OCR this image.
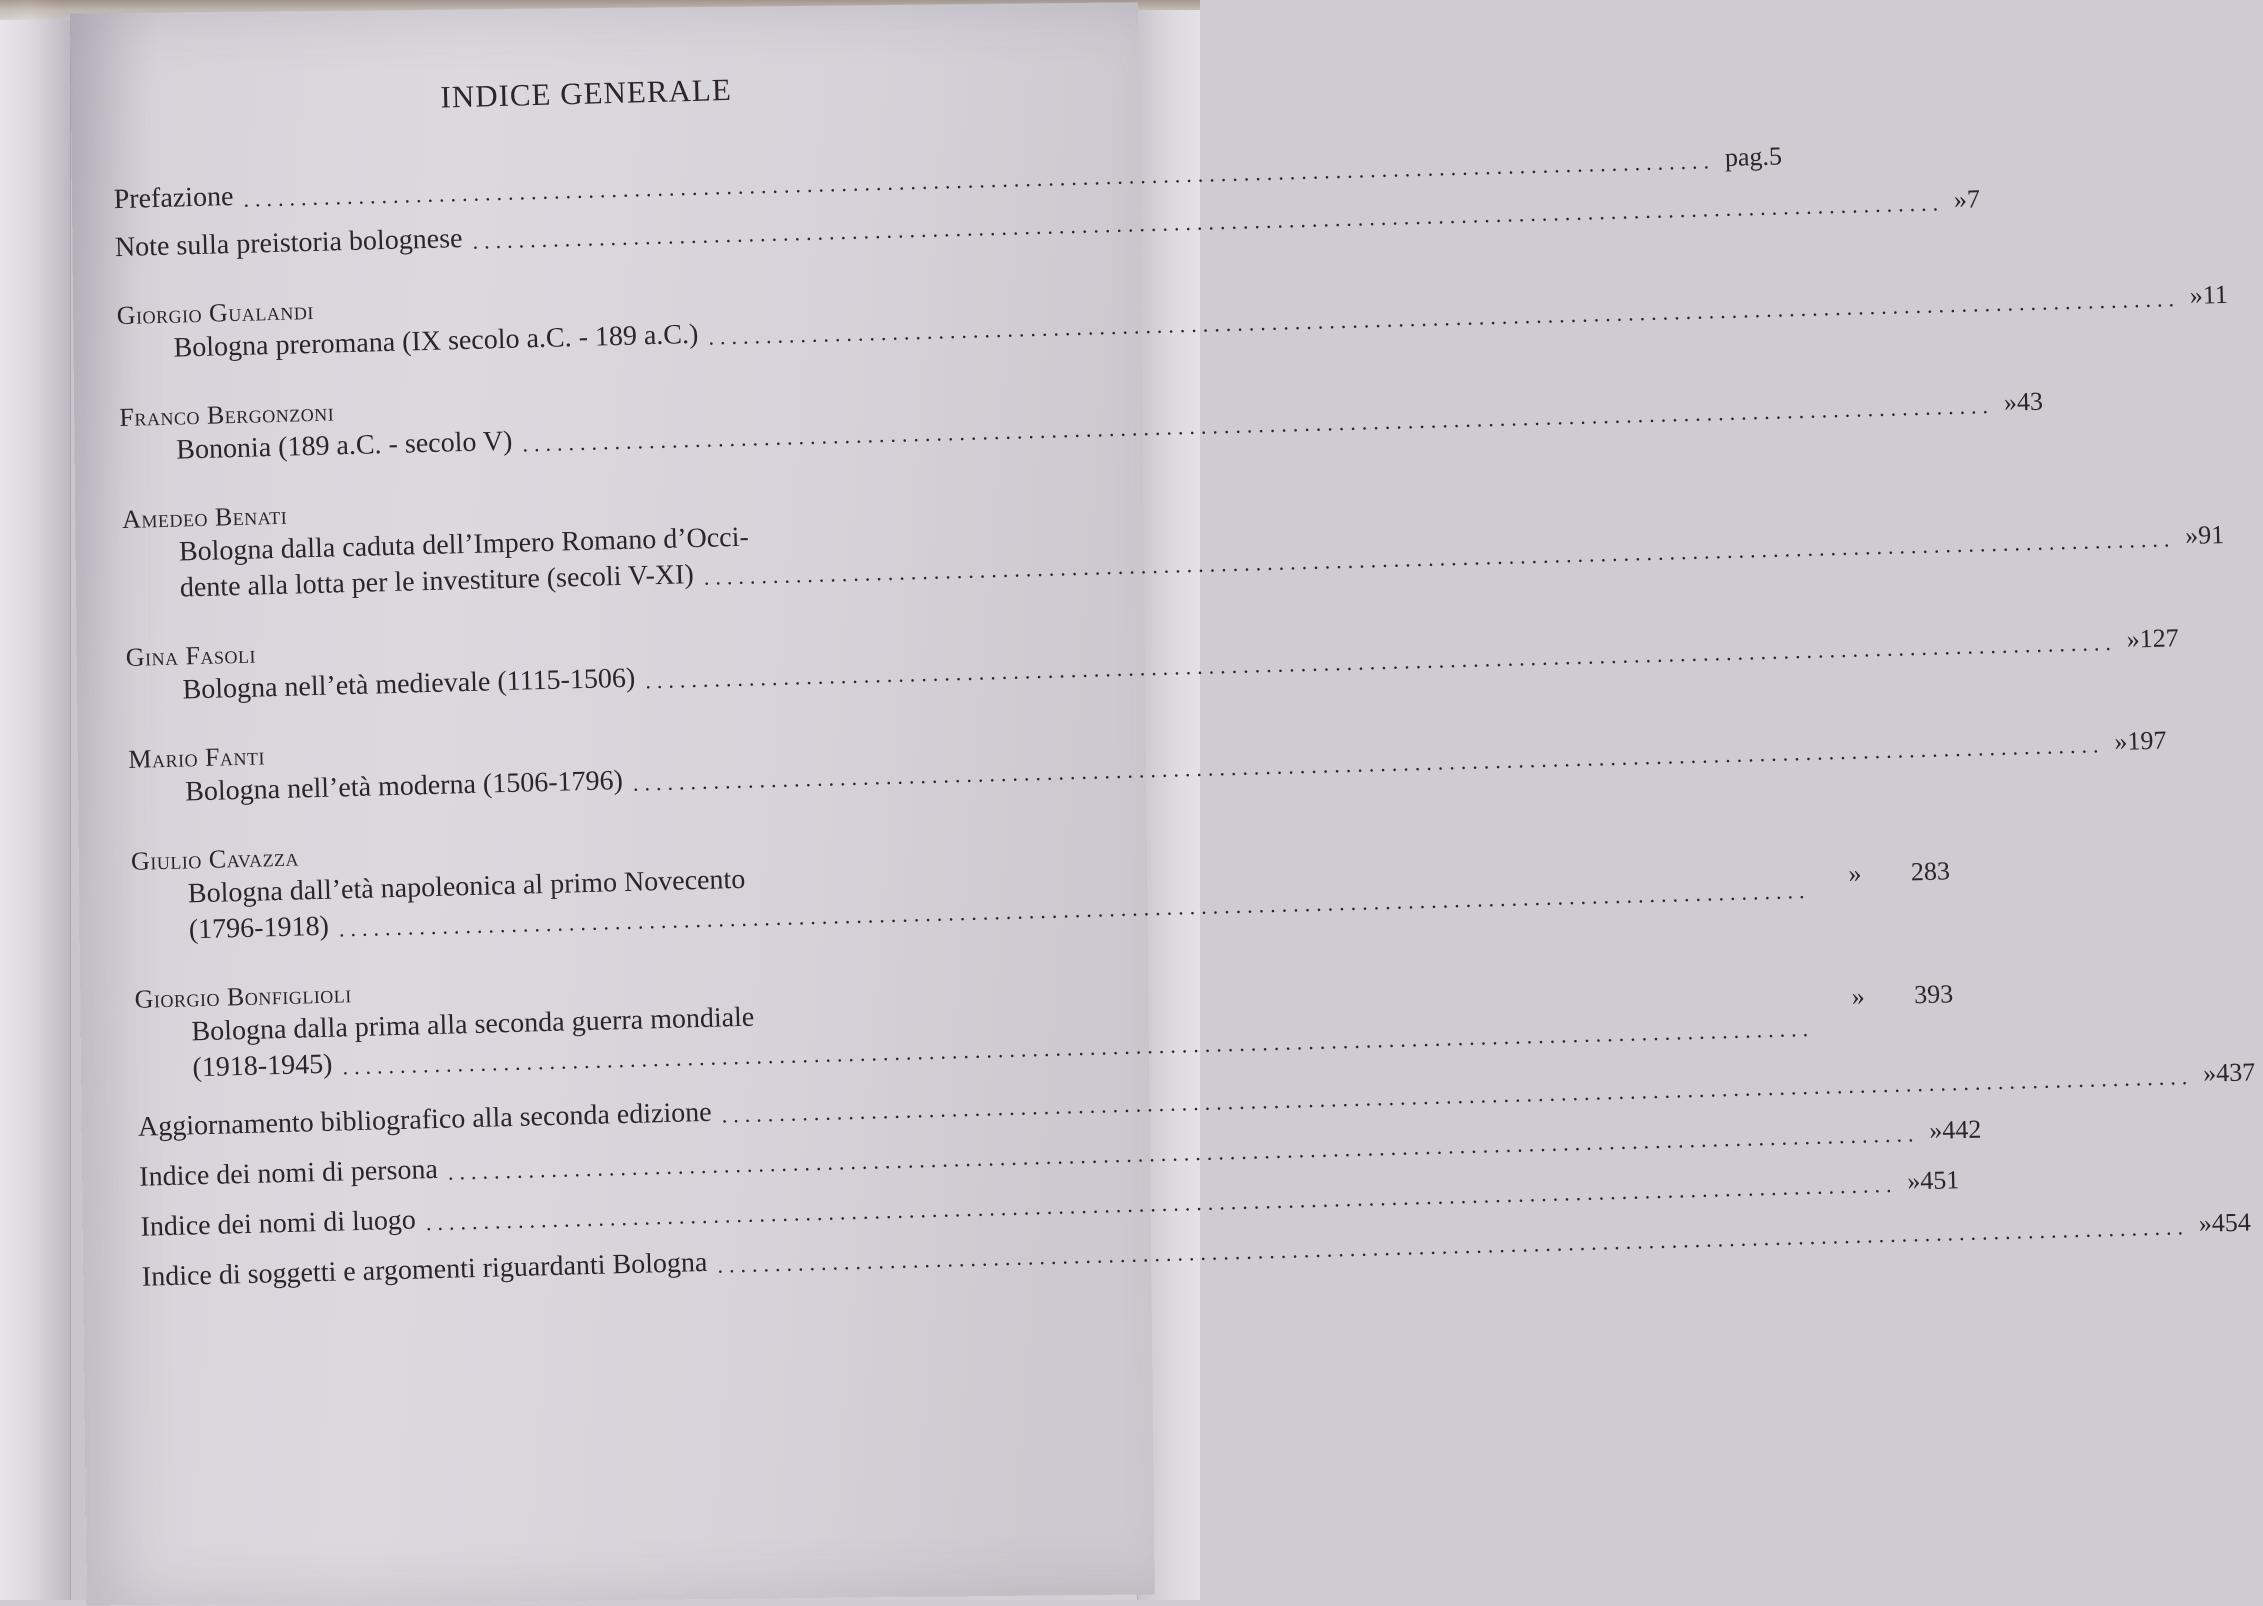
INDICE GENERALE
Prefazione
.....
pag. 5
Note sulla preistoria bolognese
.....
» 7
Giorgio Gualandi
Bologna preromana (IX secolo a.C. - 189 a.C.)
.....
» 11
Franco Bergonzoni
Bononia (189 a.C. - secolo V)
.....
» 43
Amedeo Benati
Bologna dalla caduta dell’Impero Romano d’Occi-
dente alla lotta per le investiture (secoli V-XI)
.....
» 91
Gina Fasoli
Bologna nell’età medievale (1115-1506)
.....
» 127
Mario Fanti
Bologna nell’età moderna (1506-1796)
.....
» 197
Giulio Cavazza
Bologna dall’età napoleonica al primo Novecento
(1796-1918)
.....
»	283
Giorgio Bonfiglioli
Bologna dalla prima alla seconda guerra mondiale
(1918-1945)
.....
»	393
Aggiornamento bibliografico alla seconda edizione
.....
» 437
Indice dei nomi di persona
.....
» 442
Indice dei nomi di luogo
.....
» 451
Indice di soggetti e argomenti riguardanti Bologna
.....
» 454
